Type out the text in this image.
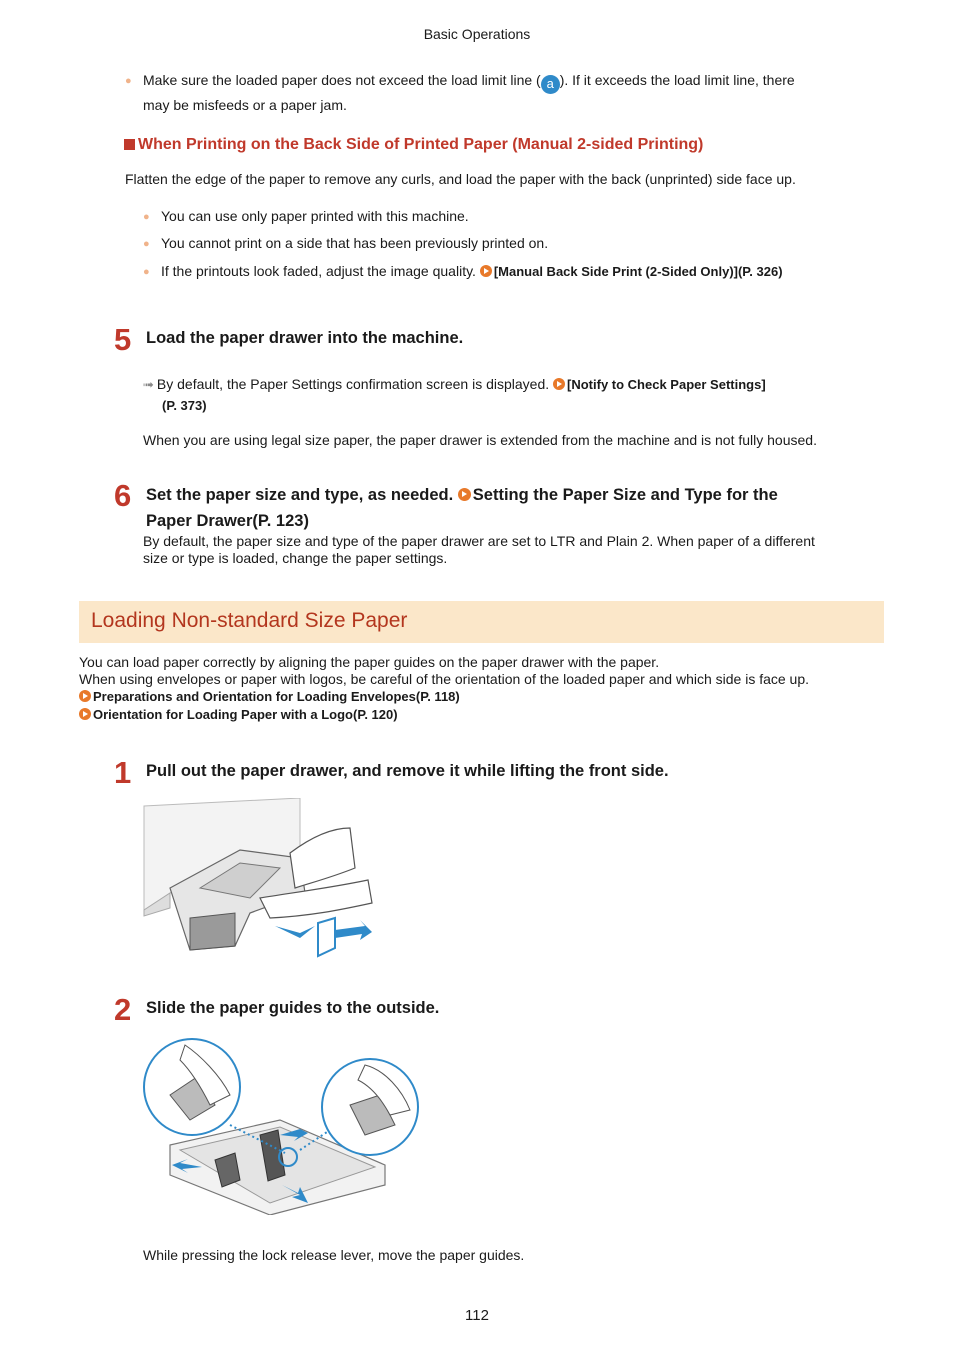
Basic Operations
● Make sure the loaded paper does not exceed the load limit line ( a ). If it exceeds the load limit line, there
may be misfeeds or a paper jam.
When Printing on the Back Side of Printed Paper (Manual 2-sided Printing)
Flatten the edge of the paper to remove any curls, and load the paper with the back (unprinted) side face up.
● You can use only paper printed with this machine.
● You cannot print on a side that has been previously printed on.
● If the printouts look faded, adjust the image quality. [Manual Back Side Print (2-Sided Only)](P. 326)
5 Load the paper drawer into the machine.
➟ By default, the Paper Settings confirmation screen is displayed. [Notify to Check Paper Settings]
(P. 373)
When you are using legal size paper, the paper drawer is extended from the machine and is not fully housed.
6 Set the paper size and type, as needed. Setting the Paper Size and Type for the
Paper Drawer(P. 123)
By default, the paper size and type of the paper drawer are set to LTR and Plain 2. When paper of a different
size or type is loaded, change the paper settings.
Loading Non-standard Size Paper
You can load paper correctly by aligning the paper guides on the paper drawer with the paper.
When using envelopes or paper with logos, be careful of the orientation of the loaded paper and which side is face up.
Preparations and Orientation for Loading Envelopes(P. 118)
Orientation for Loading Paper with a Logo(P. 120)
1 Pull out the paper drawer, and remove it while lifting the front side.
2 Slide the paper guides to the outside.
While pressing the lock release lever, move the paper guides.
112
